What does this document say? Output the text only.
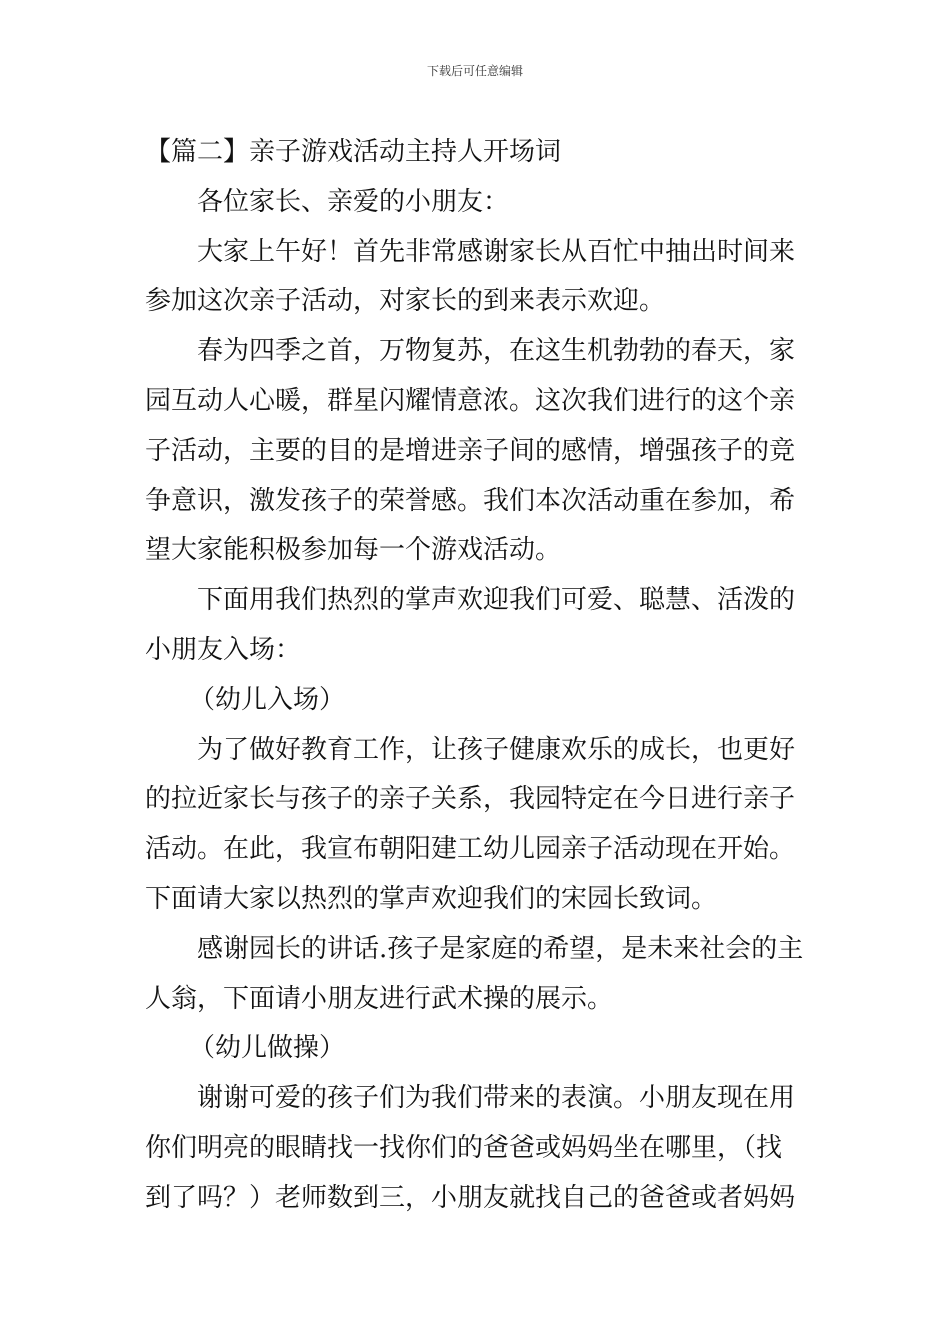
下载后可任意编辑
【篇二】亲子游戏活动主持人开场词
各位家长、亲爱的小朋友：
大家上午好！首先非常感谢家长从百忙中抽出时间来
参加这次亲子活动，对家长的到来表示欢迎。
春为四季之首，万物复苏，在这生机勃勃的春天，家
园互动人心暖，群星闪耀情意浓。这次我们进行的这个亲
子活动，主要的目的是增进亲子间的感情，增强孩子的竞
争意识，激发孩子的荣誉感。我们本次活动重在参加，希
望大家能积极参加每一个游戏活动。
下面用我们热烈的掌声欢迎我们可爱、聪慧、活泼的
小朋友入场：
（幼儿入场）
为了做好教育工作，让孩子健康欢乐的成长，也更好
的拉近家长与孩子的亲子关系，我园特定在今日进行亲子
活动。在此，我宣布朝阳建工幼儿园亲子活动现在开始。
下面请大家以热烈的掌声欢迎我们的宋园长致词。
感谢园长的讲话.孩子是家庭的希望，是未来社会的主
人翁，下面请小朋友进行武术操的展示。
（幼儿做操）
谢谢可爱的孩子们为我们带来的表演。小朋友现在用
你们明亮的眼睛找一找你们的爸爸或妈妈坐在哪里，（找
到了吗？）老师数到三，小朋友就找自己的爸爸或者妈妈
